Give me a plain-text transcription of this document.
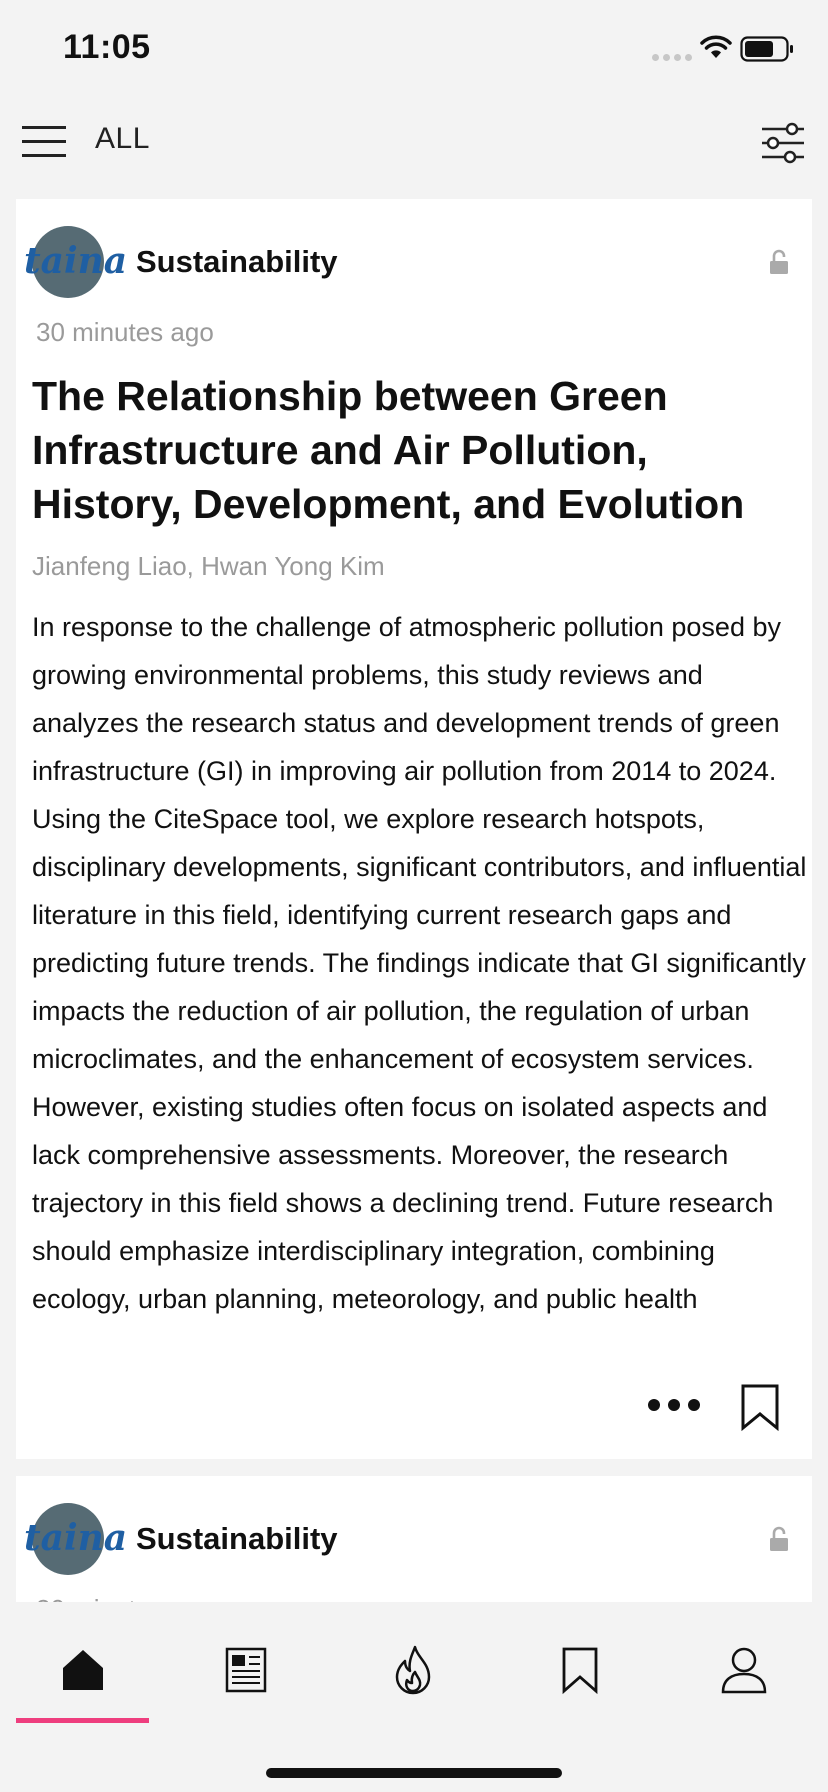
11:05
ALL
taina Sustainability
30 minutes ago
The Relationship between Green Infrastructure and Air Pollution, History, Development, and Evolution
Jianfeng Liao, Hwan Yong Kim
In response to the challenge of atmospheric pollution posed by growing environmental problems, this study reviews and analyzes the research status and development trends of green infrastructure (GI) in improving air pollution from 2014 to 2024. Using the CiteSpace tool, we explore research hotspots, disciplinary developments, significant contributors, and influential literature in this field, identifying current research gaps and predicting future trends. The findings indicate that GI significantly impacts the reduction of air pollution, the regulation of urban microclimates, and the enhancement of ecosystem services. However, existing studies often focus on isolated aspects and lack comprehensive assessments. Moreover, the research trajectory in this field shows a declining trend. Future research should emphasize interdisciplinary integration, combining ecology, urban planning, meteorology, and public health
taina Sustainability
